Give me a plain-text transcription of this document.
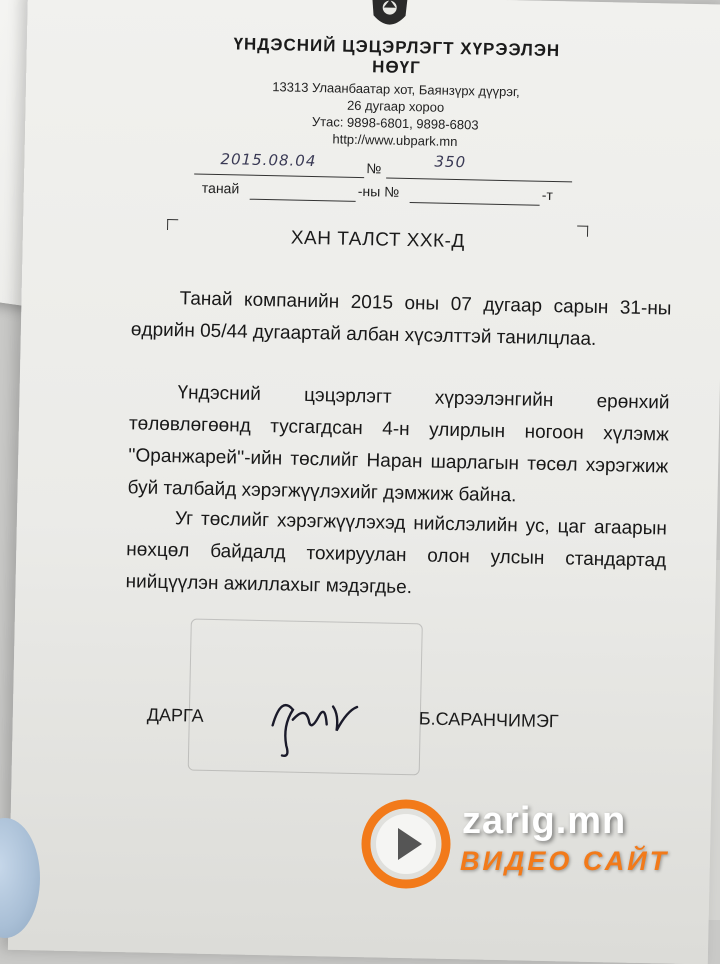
ҮНДЭСНИЙ ЦЭЦЭРЛЭГТ ХҮРЭЭЛЭН
НӨҮГ
13313 Улаанбаатар хот, Баянзүрх дүүрэг,
26 дугаар хороо
Утас: 9898-6801, 9898-6803
http://www.ubpark.mn
2015.08.04	№	350
танай	-ны №	-т
ХАН ТАЛСТ ХХК-Д
Танай компанийн 2015 оны 07 дугаар сарын 31-ны өдрийн 05/44 дугаартай албан хүсэлттэй танилцлаа.
Үндэсний цэцэрлэгт хүрээлэнгийн ерөнхий төлөвлөгөөнд тусгагдсан 4-н улирлын ногоон хүлэмж ''Оранжарей''-ийн төслийг Наран шарлагын төсөл хэрэгжиж буй талбайд хэрэгжүүлэхийг дэмжиж байна.
Уг төслийг хэрэгжүүлэхэд нийслэлийн ус, цаг агаарын нөхцөл байдалд тохируулан олон улсын стандартад нийцүүлэн ажиллахыг мэдэгдье.
ДАРГА	Б.САРАНЧИМЭГ
zarig.mn
ВИДЕО САЙТ
